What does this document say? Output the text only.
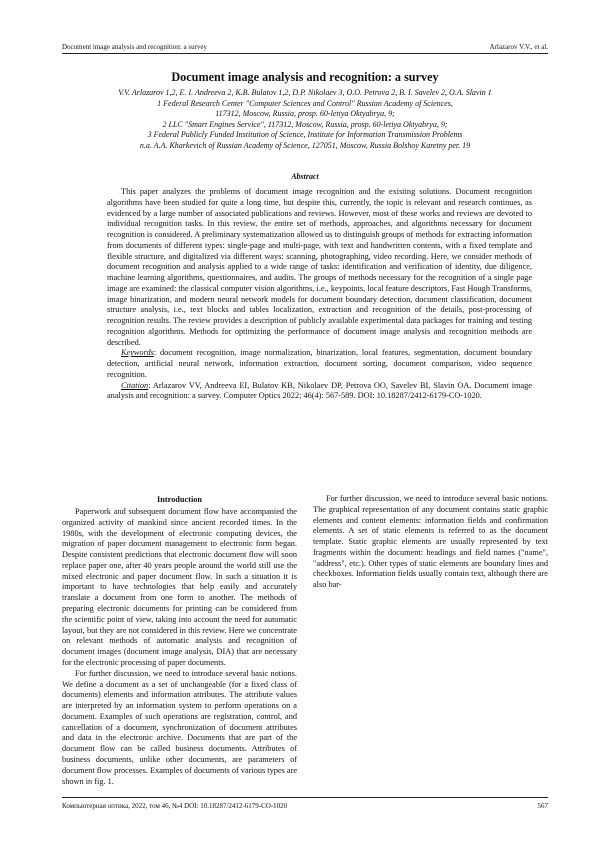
Document image analysis and recognition: a survey	Arlazarov V.V., et al.
Document image analysis and recognition: a survey
V.V. Arlazarov 1,2, E. I. Andreeva 2, K.B. Bulatov 1,2, D.P. Nikolaev 3, O.O. Petrova 2, B. I. Savelev 2, O.A. Slavin 1
1 Federal Research Center "Computer Sciences and Control" Russian Academy of Sciences,
117312, Moscow, Russia, prosp. 60-letiya Oktyabrya, 9;
2 LLC "Smart Engines Service", 117312, Moscow, Russia, prosp. 60-letiya Oktyabrya, 9;
3 Federal Publicly Funded Institution of Science, Institute for Information Transmission Problems
n.a. A.A. Kharkevich of Russian Academy of Science, 127051, Moscow, Russia Bolshoy Karetny per. 19
Abstract

This paper analyzes the problems of document image recognition and the existing solutions. Document recognition algorithms have been studied for quite a long time, but despite this, currently, the topic is relevant and research continues, as evidenced by a large number of associated publications and reviews. However, most of these works and reviews are devoted to individual recognition tasks. In this review, the entire set of methods, approaches, and algorithms necessary for document recognition is considered. A preliminary systematization allowed us to distinguish groups of methods for extracting information from documents of different types: single-page and multi-page, with text and handwritten contents, with a fixed template and flexible structure, and digitalized via different ways: scanning, photographing, video recording. Here, we consider methods of document recognition and analysis applied to a wide range of tasks: identification and verification of identity, due diligence, machine learning algorithms, questionnaires, and audits. The groups of methods necessary for the recognition of a single page image are examined: the classical computer vision algorithms, i.e., keypoints, local feature descriptors, Fast Hough Transforms, image binarization, and modern neural network models for document boundary detection, document classification, document structure analysis, i.e., text blocks and tables localization, extraction and recognition of the details, post-processing of recognition results. The review provides a description of publicly available experimental data packages for training and testing recognition algorithms. Methods for optimizing the performance of document image analysis and recognition methods are described.

Keywords: document recognition, image normalization, binarization, local features, segmentation, document boundary detection, artificial neural network, information extraction, document sorting, document comparison, video sequence recognition.

Citation: Arlazarov VV, Andreeva EI, Bulatov KB, Nikolaev DP, Petrova OO, Savelev BI, Slavin OA. Document image analysis and recognition: a survey. Computer Optics 2022; 46(4): 567-589. DOI: 10.18287/2412-6179-CO-1020.

Introduction

Paperwork and subsequent document flow have accompanied the organized activity of mankind since ancient recorded times. In the 1980s, with the development of electronic computing devices, the migration of paper document management to electronic form began. Despite consistent predictions that electronic document flow will soon replace paper one, after 40 years people around the world still use the mixed electronic and paper document flow. In such a situation it is important to have technologies that help easily and accurately translate a document from one form to another. The methods of preparing electronic documents for printing can be considered from the scientific point of view, taking into account the need for automatic layout, but they are not considered in this review. Here we concentrate on relevant methods of automatic analysis and recognition of document images (document image analysis, DIA) that are necessary for the electronic processing of paper documents.

For further discussion, we need to introduce several basic notions. We define a document as a set of unchangeable (for a fixed class of documents) elements and information attributes. The attribute values are interpreted by an information system to perform operations on a document. Examples of such operations are registration, control, and cancellation of a document, synchronization of document attributes and data in the electronic archive. Documents that are part of the document flow can be called business documents. Attributes of business documents, unlike other documents, are parameters of document flow processes. Examples of documents of various types are shown in fig. 1.

For further discussion, we need to introduce several basic notions. The graphical representation of any document contains static graphic elements and content elements: information fields and confirmation elements. A set of static elements is referred to as the document template. Static graphic elements are usually represented by text fragments within the document: headings and field names ("name", "address", etc.). Other types of static elements are boundary lines and checkboxes. Information fields usually contain text, although there are also bar-

Компьютерная оптика, 2022, том 46, №4 DOI: 10.18287/2412-6179-CO-1020	567
